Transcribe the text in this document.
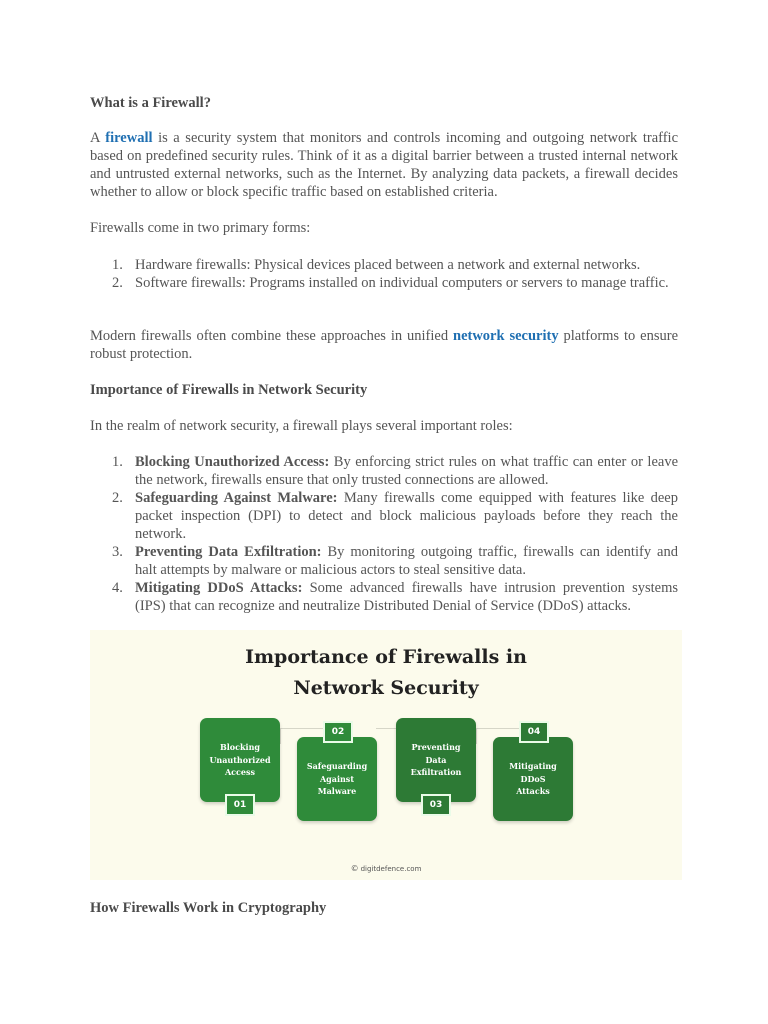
What is a Firewall?

A firewall is a security system that monitors and controls incoming and outgoing network traffic based on predefined security rules. Think of it as a digital barrier between a trusted internal network and untrusted external networks, such as the Internet. By analyzing data packets, a firewall decides whether to allow or block specific traffic based on established criteria.

Firewalls come in two primary forms:

1. Hardware firewalls: Physical devices placed between a network and external networks.
2. Software firewalls: Programs installed on individual computers or servers to manage traffic.

Modern firewalls often combine these approaches in unified network security platforms to ensure robust protection.

Importance of Firewalls in Network Security

In the realm of network security, a firewall plays several important roles:

1. Blocking Unauthorized Access: By enforcing strict rules on what traffic can enter or leave the network, firewalls ensure that only trusted connections are allowed.
2. Safeguarding Against Malware: Many firewalls come equipped with features like deep packet inspection (DPI) to detect and block malicious payloads before they reach the network.
3. Preventing Data Exfiltration: By monitoring outgoing traffic, firewalls can identify and halt attempts by malware or malicious actors to steal sensitive data.
4. Mitigating DDoS Attacks: Some advanced firewalls have intrusion prevention systems (IPS) that can recognize and neutralize Distributed Denial of Service (DDoS) attacks.
Importance of Firewalls in
Network Security
Blocking
Unauthorized
Access
01
Safeguarding
Against
Malware
02
Preventing
Data
Exfiltration
03
Mitigating
DDoS
Attacks
04
© digitdefence.com
How Firewalls Work in Cryptography
